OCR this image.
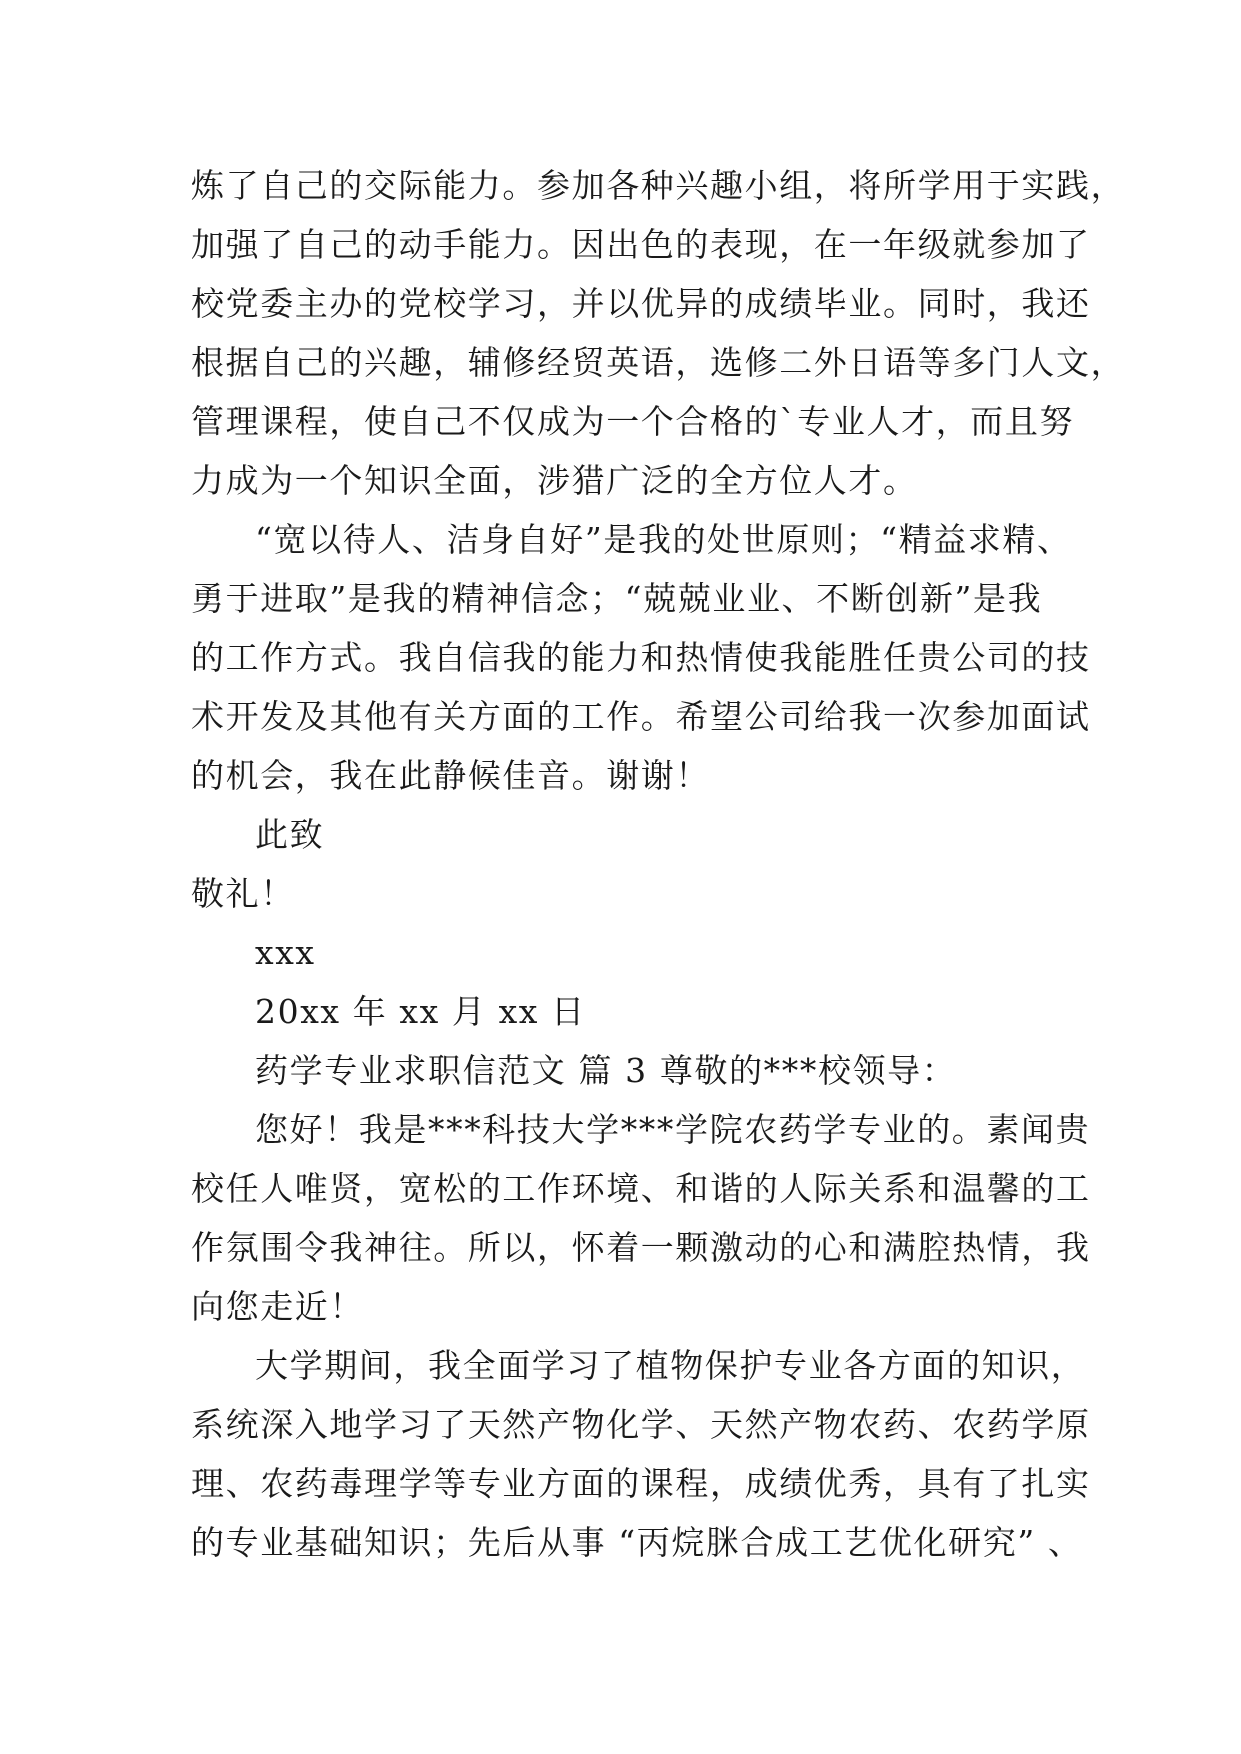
炼了自己的交际能力。参加各种兴趣小组，将所学用于实践，
加强了自己的动手能力。因出色的表现，在一年级就参加了
校党委主办的党校学习，并以优异的成绩毕业。同时，我还
根据自己的兴趣，辅修经贸英语，选修二外日语等多门人文，
管理课程，使自己不仅成为一个合格的`专业人才，而且努
力成为一个知识全面，涉猎广泛的全方位人才。
“宽以待人、洁身自好”是我的处世原则；“精益求精、
勇于进取”是我的精神信念；“兢兢业业、不断创新”是我
的工作方式。我自信我的能力和热情使我能胜任贵公司的技
术开发及其他有关方面的工作。希望公司给我一次参加面试
的机会，我在此静候佳音。谢谢！
此致
敬礼！
xxx
20xx 年 xx 月 xx 日
药学专业求职信范文 篇 3 尊敬的***校领导：
您好！我是***科技大学***学院农药学专业的。素闻贵
校任人唯贤，宽松的工作环境、和谐的人际关系和温馨的工
作氛围令我神往。所以，怀着一颗激动的心和满腔热情，我
向您走近！
大学期间，我全面学习了植物保护专业各方面的知识，
系统深入地学习了天然产物化学、天然产物农药、农药学原
理、农药毒理学等专业方面的课程，成绩优秀，具有了扎实
的专业基础知识；先后从事 “丙烷脒合成工艺优化研究” 、
